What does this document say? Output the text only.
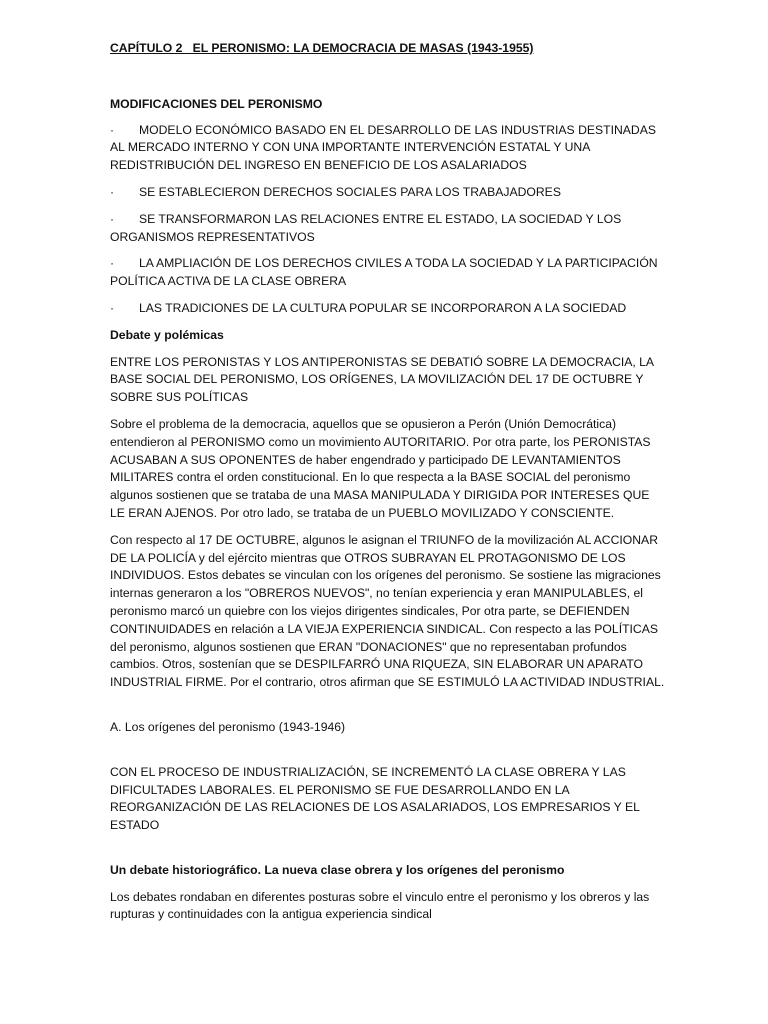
CAPÍTULO 2   EL PERONISMO: LA DEMOCRACIA DE MASAS (1943-1955)

MODIFICACIONES DEL PERONISMO

· MODELO ECONÓMICO BASADO EN EL DESARROLLO DE LAS INDUSTRIAS DESTINADAS AL MERCADO INTERNO Y CON UNA IMPORTANTE INTERVENCIÓN ESTATAL Y UNA REDISTRIBUCIÓN DEL INGRESO EN BENEFICIO DE LOS ASALARIADOS
· SE ESTABLECIERON DERECHOS SOCIALES PARA LOS TRABAJADORES
· SE TRANSFORMARON LAS RELACIONES ENTRE EL ESTADO, LA SOCIEDAD Y LOS ORGANISMOS REPRESENTATIVOS
· LA AMPLIACIÓN DE LOS DERECHOS CIVILES A TODA LA SOCIEDAD Y LA PARTICIPACIÓN POLÍTICA ACTIVA DE LA CLASE OBRERA
· LAS TRADICIONES DE LA CULTURA POPULAR SE INCORPORARON A LA SOCIEDAD

Debate y polémicas

ENTRE LOS PERONISTAS Y LOS ANTIPERONISTAS SE DEBATIÓ SOBRE LA DEMOCRACIA, LA BASE SOCIAL DEL PERONISMO, LOS ORÍGENES, LA MOVILIZACIÓN DEL 17 DE OCTUBRE Y SOBRE SUS POLÍTICAS

Sobre el problema de la democracia, aquellos que se opusieron a Perón (Unión Democrática) entendieron al PERONISMO como un movimiento AUTORITARIO. Por otra parte, los PERONISTAS ACUSABAN A SUS OPONENTES de haber engendrado y participado DE LEVANTAMIENTOS MILITARES contra el orden constitucional. En lo que respecta a la BASE SOCIAL del peronismo algunos sostienen que se trataba de una MASA MANIPULADA Y DIRIGIDA POR INTERESES QUE LE ERAN AJENOS. Por otro lado, se trataba de un PUEBLO MOVILIZADO Y CONSCIENTE.

Con respecto al 17 DE OCTUBRE, algunos le asignan el TRIUNFO de la movilización AL ACCIONAR DE LA POLICÍA y del ejército mientras que OTROS SUBRAYAN EL PROTAGONISMO DE LOS INDIVIDUOS. Estos debates se vinculan con los orígenes del peronismo. Se sostiene las migraciones internas generaron a los "OBREROS NUEVOS", no tenían experiencia y eran MANIPULABLES, el peronismo marcó un quiebre con los viejos dirigentes sindicales, Por otra parte, se DEFIENDEN CONTINUIDADES en relación a LA VIEJA EXPERIENCIA SINDICAL. Con respecto a las POLÍTICAS del peronismo, algunos sostienen que ERAN "DONACIONES" que no representaban profundos cambios. Otros, sostenían que se DESPILFARRÓ UNA RIQUEZA, SIN ELABORAR UN APARATO INDUSTRIAL FIRME. Por el contrario, otros afirman que SE ESTIMULÓ LA ACTIVIDAD INDUSTRIAL.

A. Los orígenes del peronismo (1943-1946)

CON EL PROCESO DE INDUSTRIALIZACIÓN, SE INCREMENTÓ LA CLASE OBRERA Y LAS DIFICULTADES LABORALES. EL PERONISMO SE FUE DESARROLLANDO EN LA REORGANIZACIÓN DE LAS RELACIONES DE LOS ASALARIADOS, LOS EMPRESARIOS Y EL ESTADO

Un debate historiográfico. La nueva clase obrera y los orígenes del peronismo

Los debates rondaban en diferentes posturas sobre el vinculo entre el peronismo y los obreros y las rupturas y continuidades con la antigua experiencia sindical
